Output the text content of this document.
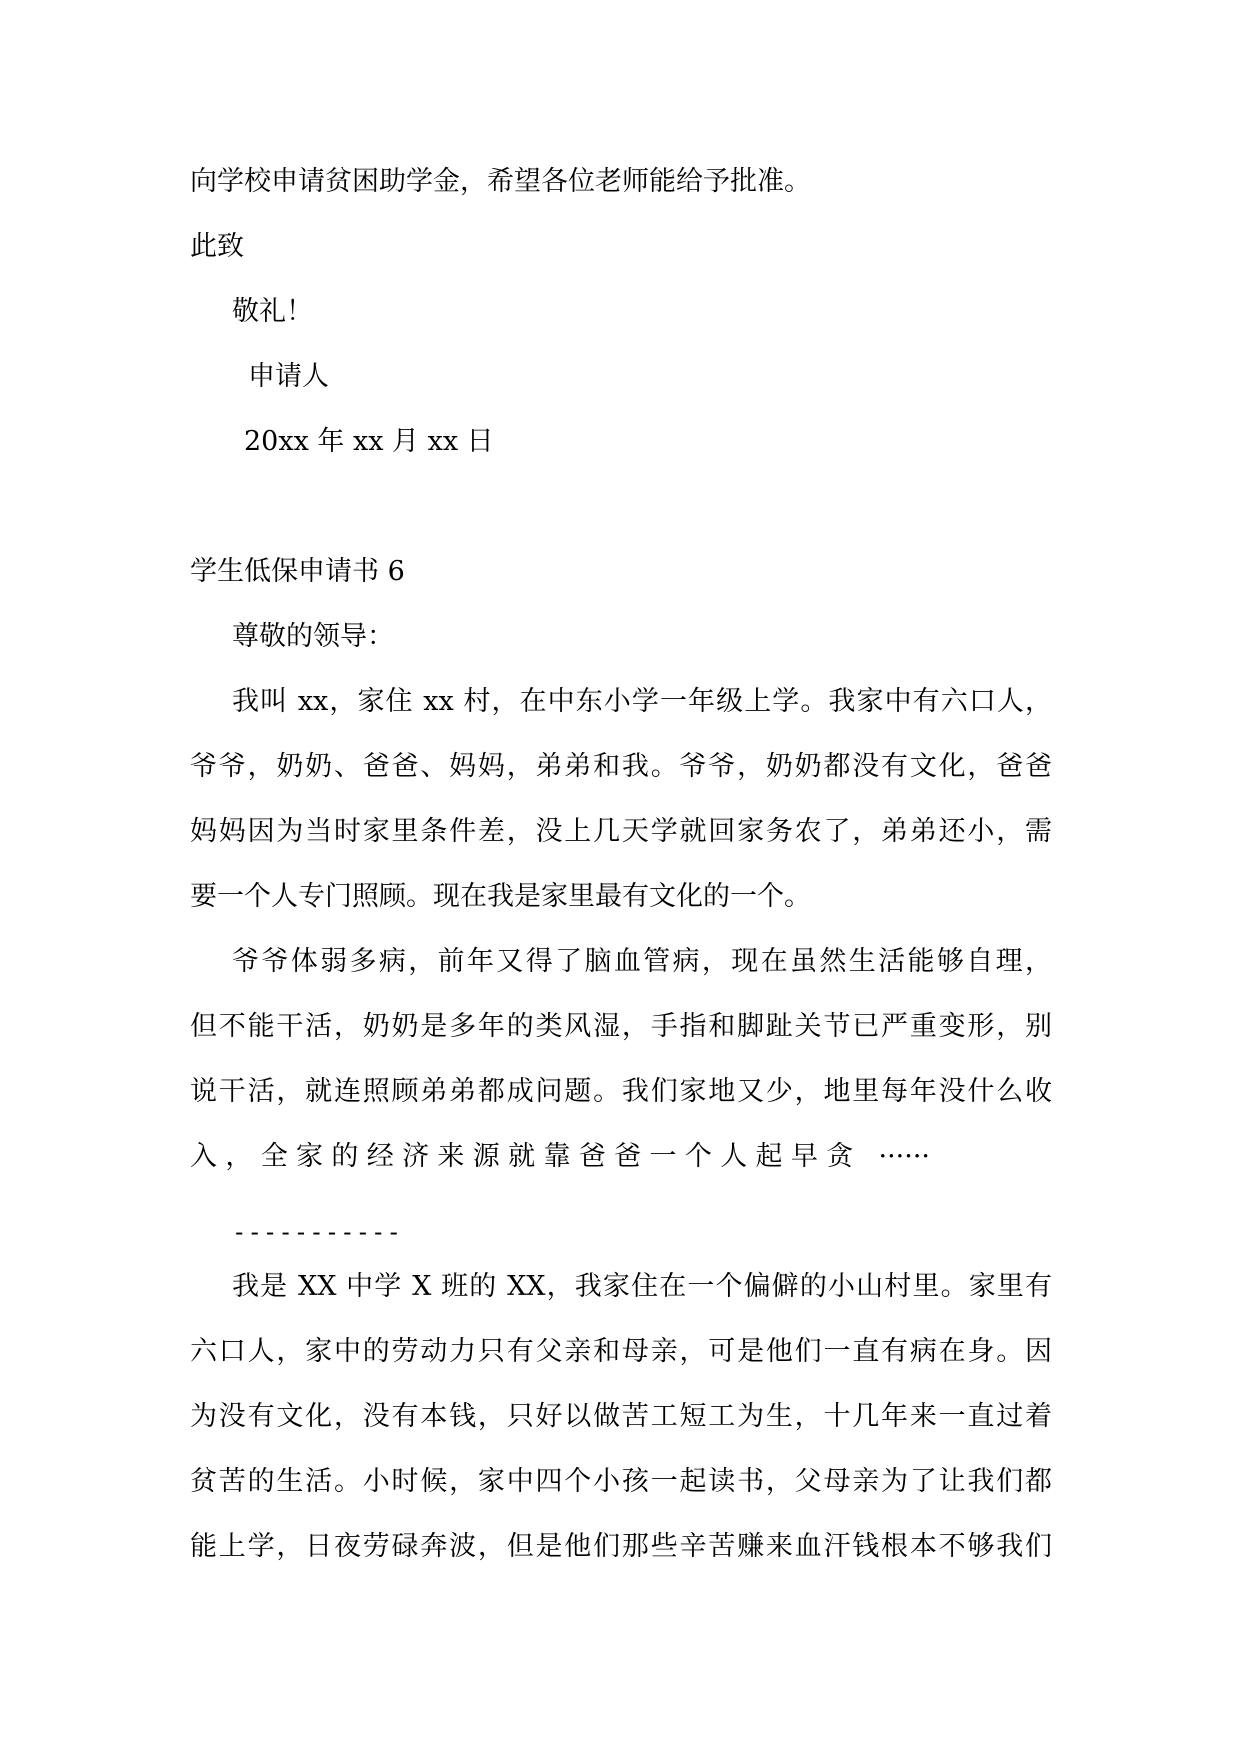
向学校申请贫困助学金，希望各位老师能给予批准。
此致
敬礼！
申请人
20xx 年 xx 月 xx 日
学生低保申请书 6
尊敬的领导：
我叫 xx，家住 xx 村，在中东小学一年级上学。我家中有六口人，
爷爷，奶奶、爸爸、妈妈，弟弟和我。爷爷，奶奶都没有文化，爸爸
妈妈因为当时家里条件差，没上几天学就回家务农了，弟弟还小，需
要一个人专门照顾。现在我是家里最有文化的一个。
爷爷体弱多病，前年又得了脑血管病，现在虽然生活能够自理，
但不能干活，奶奶是多年的类风湿，手指和脚趾关节已严重变形，别
说干活，就连照顾弟弟都成问题。我们家地又少，地里每年没什么收
入，全家的经济来源就靠爸爸一个人起早贪 ······
-----------
我是 XX 中学 X 班的 XX，我家住在一个偏僻的小山村里。家里有
六口人，家中的劳动力只有父亲和母亲，可是他们一直有病在身。因
为没有文化，没有本钱，只好以做苦工短工为生，十几年来一直过着
贫苦的生活。小时候，家中四个小孩一起读书，父母亲为了让我们都
能上学，日夜劳碌奔波，但是他们那些辛苦赚来血汗钱根本不够我们
